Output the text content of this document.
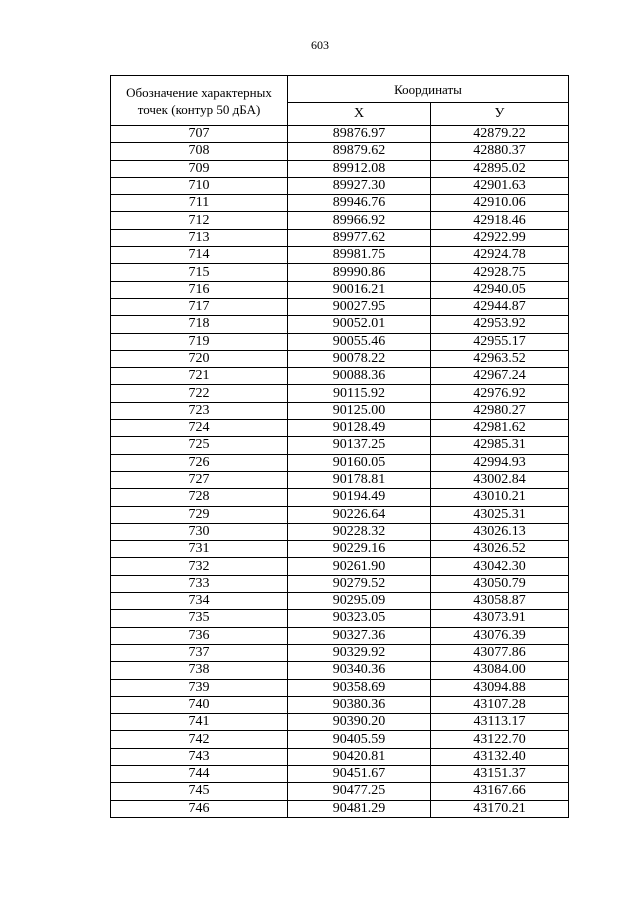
603
Обозначение характерных точек (контур 50 дБА)	Координаты	
	X	У
707	89876.97	42879.22
708	89879.62	42880.37
709	89912.08	42895.02
710	89927.30	42901.63
711	89946.76	42910.06
712	89966.92	42918.46
713	89977.62	42922.99
714	89981.75	42924.78
715	89990.86	42928.75
716	90016.21	42940.05
717	90027.95	42944.87
718	90052.01	42953.92
719	90055.46	42955.17
720	90078.22	42963.52
721	90088.36	42967.24
722	90115.92	42976.92
723	90125.00	42980.27
724	90128.49	42981.62
725	90137.25	42985.31
726	90160.05	42994.93
727	90178.81	43002.84
728	90194.49	43010.21
729	90226.64	43025.31
730	90228.32	43026.13
731	90229.16	43026.52
732	90261.90	43042.30
733	90279.52	43050.79
734	90295.09	43058.87
735	90323.05	43073.91
736	90327.36	43076.39
737	90329.92	43077.86
738	90340.36	43084.00
739	90358.69	43094.88
740	90380.36	43107.28
741	90390.20	43113.17
742	90405.59	43122.70
743	90420.81	43132.40
744	90451.67	43151.37
745	90477.25	43167.66
746	90481.29	43170.21
